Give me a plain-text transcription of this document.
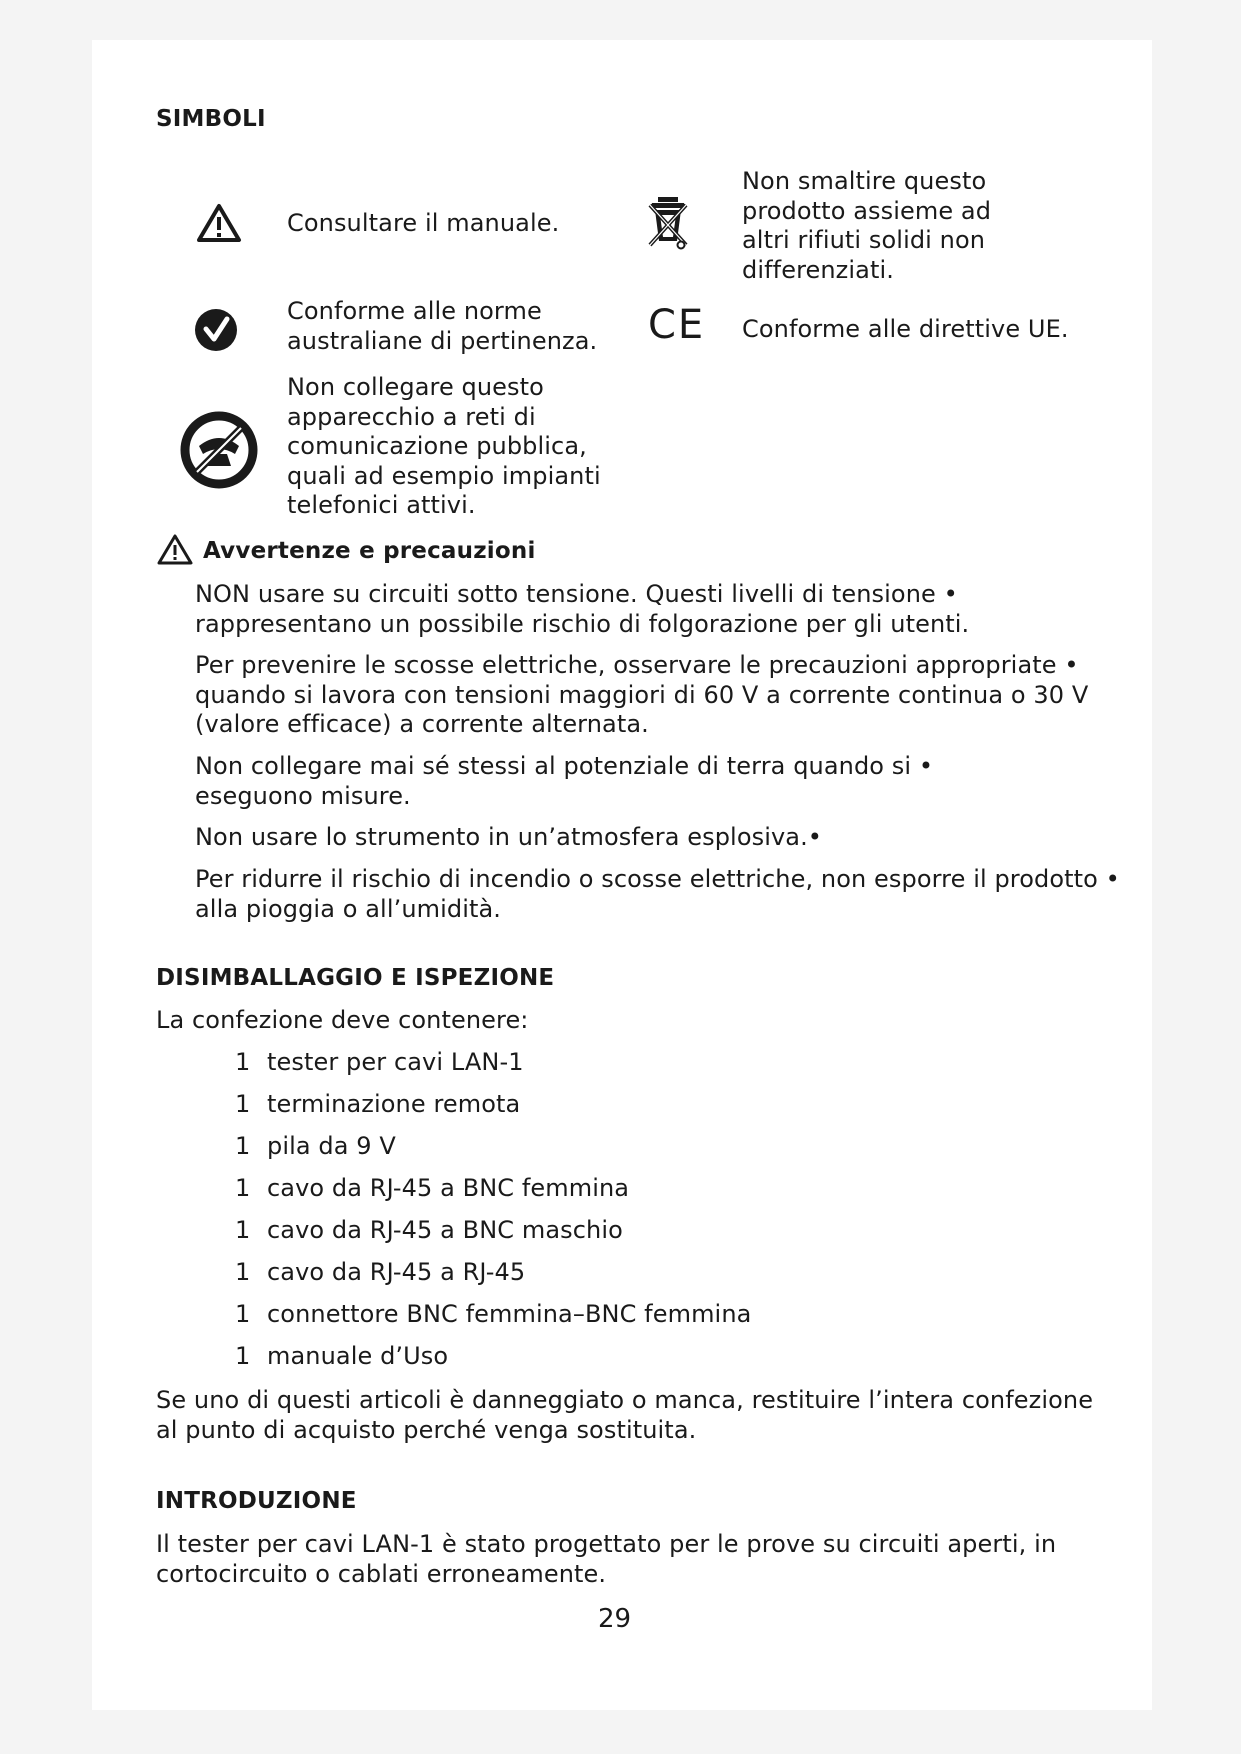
SIMBOLI
Consultare il manuale.
Non smaltire questo
prodotto assieme ad
altri rifiuti solidi non
differenziati.
Conforme alle norme
australiane di pertinenza. CE Conforme alle direttive UE.
Non collegare questo
apparecchio a reti di
comunicazione pubblica,
quali ad esempio impianti
telefonici attivi.
Avvertenze e precauzioni
NON usare su circuiti sotto tensione. Questi livelli di tensione •
rappresentano un possibile rischio di folgorazione per gli utenti.
Per prevenire le scosse elettriche, osservare le precauzioni appropriate •
quando si lavora con tensioni maggiori di 60 V a corrente continua o 30 V
(valore efficace) a corrente alternata.
Non collegare mai sé stessi al potenziale di terra quando si •
eseguono misure.
Non usare lo strumento in un’atmosfera esplosiva.•
Per ridurre il rischio di incendio o scosse elettriche, non esporre il prodotto •
alla pioggia o all’umidità.
DISIMBALLAGGIO E ISPEZIONE
La confezione deve contenere:
1 tester per cavi LAN-1
1 terminazione remota
1 pila da 9 V
1 cavo da RJ-45 a BNC femmina
1 cavo da RJ-45 a BNC maschio
1 cavo da RJ-45 a RJ-45
1 connettore BNC femmina–BNC femmina
1 manuale d’Uso
Se uno di questi articoli è danneggiato o manca, restituire l’intera confezione
al punto di acquisto perché venga sostituita.
INTRODUZIONE
Il tester per cavi LAN-1 è stato progettato per le prove su circuiti aperti, in
cortocircuito o cablati erroneamente.
29
